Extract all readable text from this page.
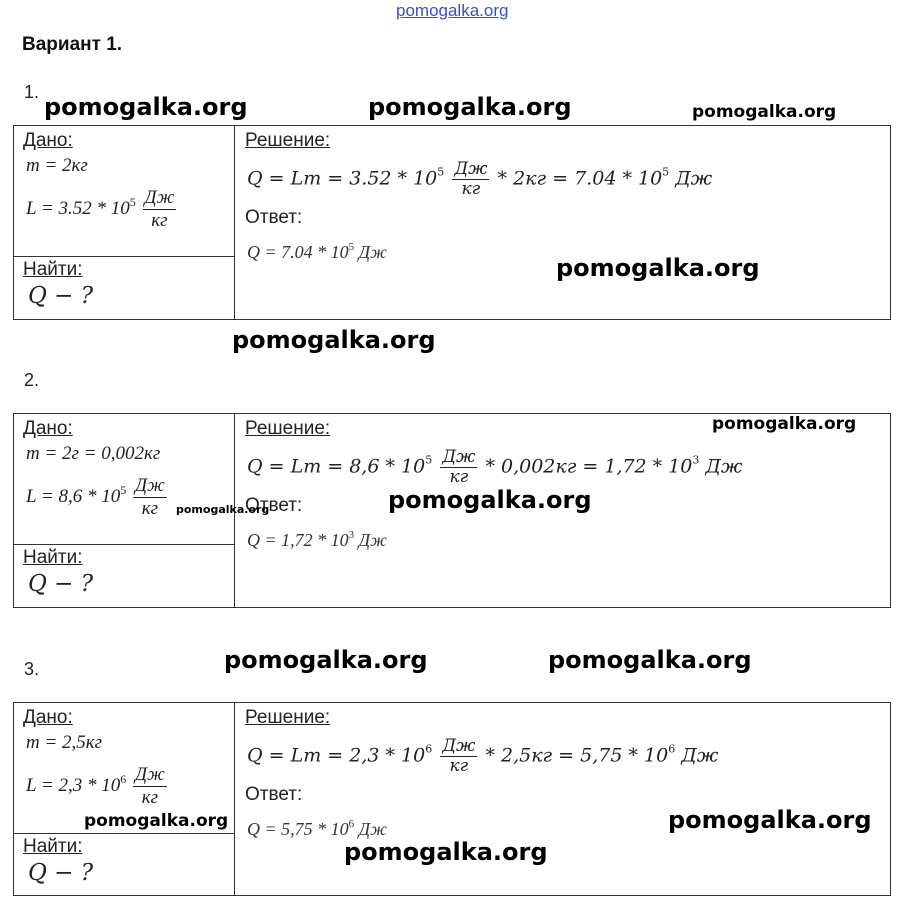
pomogalka.org
Вариант 1.
1.
Дано:
m = 2кг
$L = 3.52 * 10^5 \frac{Дж}{кг}$
Найти:
Q − ?
Решение:
$Q = Lm = 3.52 * 10^5 \frac{Дж}{кг} * 2кг = 7.04 * 10^5$ Дж
Ответ:
$Q = 7.04 * 10^5$ Дж
2.
Дано:
m = 2г = 0,002кг
$L = 8,6 * 10^5 \frac{Дж}{кг}$
Найти:
Q − ?
Решение:
$Q = Lm = 8,6 * 10^5 \frac{Дж}{кг} * 0,002кг = 1,72 * 10^3$ Дж
Ответ:
$Q = 1,72 * 10^3$ Дж
3.
Дано:
m = 2,5кг
$L = 2,3 * 10^6 \frac{Дж}{кг}$
Найти:
Q − ?
Решение:
$Q = Lm = 2,3 * 10^6 \frac{Дж}{кг} * 2,5кг = 5,75 * 10^6$ Дж
Ответ:
$Q = 5,75 * 10^6$ Дж
pomogalka.org	pomogalka.org	pomogalka.org
pomogalka.org
pomogalka.org
pomogalka.org
pomogalka.org
pomogalka.org
pomogalka.org	pomogalka.org
pomogalka.org	pomogalka.org
pomogalka.org
